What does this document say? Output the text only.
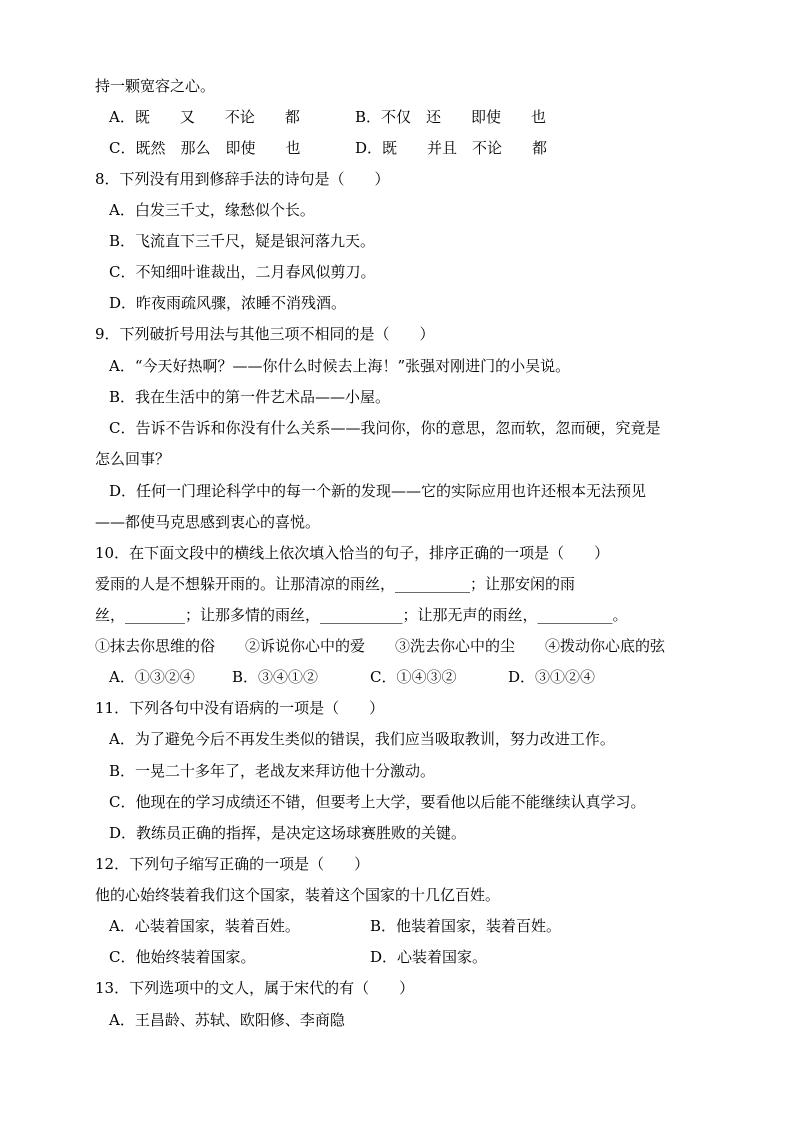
持一颗宽容之心。
A．既　　又　　不论　　都	B．不仅　还　　即使　　也
C．既然　那么　即使　　也	D．既　　并且　不论　　都
8．下列没有用到修辞手法的诗句是（　　）
A．白发三千丈，缘愁似个长。
B．飞流直下三千尺，疑是银河落九天。
C．不知细叶谁裁出，二月春风似剪刀。
D．昨夜雨疏风骤，浓睡不消残酒。
9．下列破折号用法与其他三项不相同的是（　　）
A．“今天好热啊？——你什么时候去上海！”张强对刚进门的小吴说。
B．我在生活中的第一件艺术品——小屋。
C．告诉不告诉和你没有什么关系——我问你，你的意思，忽而软，忽而硬，究竟是
怎么回事？
D．任何一门理论科学中的每一个新的发现——它的实际应用也许还根本无法预见
——都使马克思感到衷心的喜悦。
10．在下面文段中的横线上依次填入恰当的句子，排序正确的一项是（　　）
爱雨的人是不想躲开雨的。让那清凉的雨丝，__________；让那安闲的雨
丝，________；让那多情的雨丝，___________；让那无声的雨丝，__________。
①抹去你思维的俗　　②诉说你心中的爱　　③洗去你心中的尘　　④拨动你心底的弦
A．①③②④ B．③④①②	C．①④③②	D．③①②④
11．下列各句中没有语病的一项是（　　）
A．为了避免今后不再发生类似的错误，我们应当吸取教训，努力改进工作。
B．一晃二十多年了，老战友来拜访他十分激动。
C．他现在的学习成绩还不错，但要考上大学，要看他以后能不能继续认真学习。
D．教练员正确的指挥，是决定这场球赛胜败的关键。
12．下列句子缩写正确的一项是（　　）
他的心始终装着我们这个国家，装着这个国家的十几亿百姓。
A．心装着国家，装着百姓。	B．他装着国家，装着百姓。
C．他始终装着国家。	D．心装着国家。
13．下列选项中的文人，属于宋代的有（　　）
A．王昌龄、苏轼、欧阳修、李商隐
